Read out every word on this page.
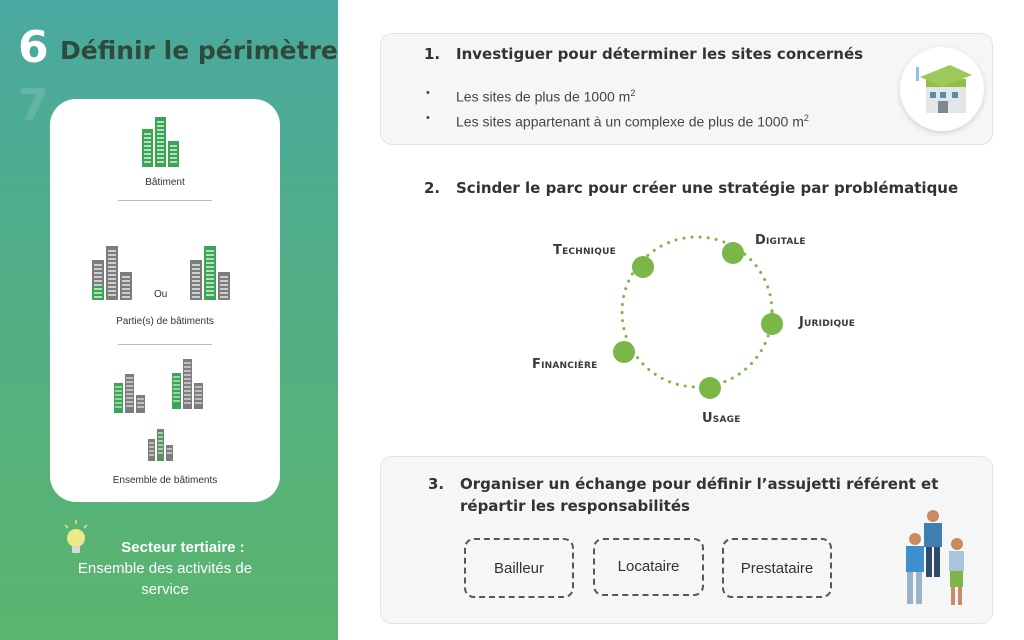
6
7
Définir le périmètre
Bâtiment
Ou
Partie(s) de bâtiments
Ensemble de bâtiments
Secteur tertiaire :
Ensemble des activités de
service
1. Investiguer pour déterminer les sites concernés
• Les sites de plus de 1000 $m^2$
• Les sites appartenant à un complexe de plus de 1000 $m^2$
2. Scinder le parc pour créer une stratégie par problématique
Technique
Digitale
Juridique
Usage
Financière
3. Organiser un échange pour définir l’assujetti référent et
répartir les responsabilités
Bailleur	Locataire	Prestataire
